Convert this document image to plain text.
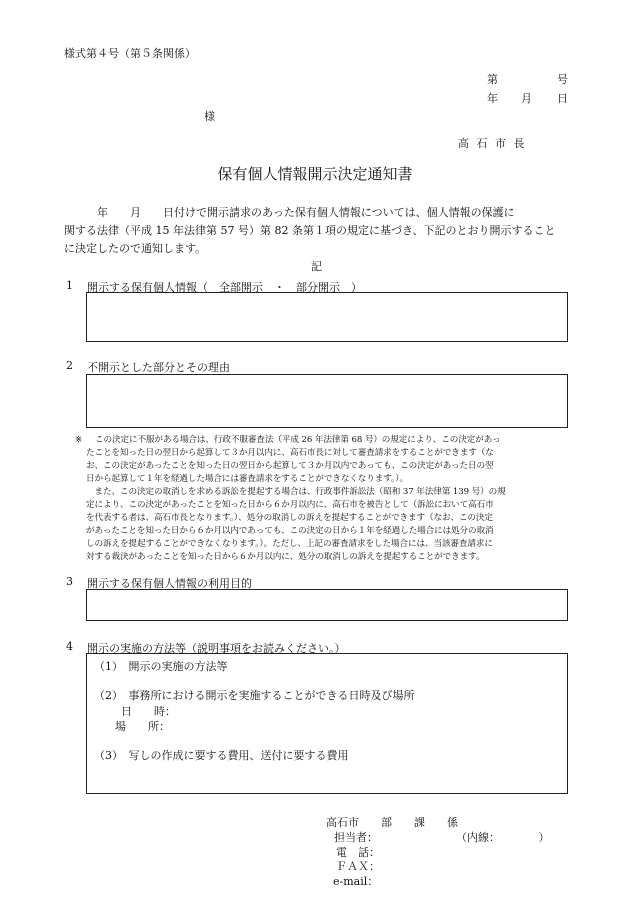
様式第４号（第５条関係）
第	号
年 月 日
様
高 石 市 長
保有個人情報開示決定通知書
　　　年　　月　　日付けで開示請求のあった保有個人情報については、個人情報の保護に
関する法律（平成 15 年法律第 57 号）第 82 条第１項の規定に基づき、下記のとおり開示すること
に決定したので通知します。
記
1 開示する保有個人情報（　全部開示　・　部分開示　）
2 不開示とした部分とその理由
※ この決定に不服がある場合は、行政不服審査法（平成 26 年法律第 68 号）の規定により、この決定があっ
たことを知った日の翌日から起算して３か月以内に、高石市長に対して審査請求をすることができます（な
お、この決定があったことを知った日の翌日から起算して３か月以内であっても、この決定があった日の翌
日から起算して１年を経過した場合には審査請求をすることができなくなります。）。
　また、この決定の取消しを求める訴訟を提起する場合は、行政事件訴訟法（昭和 37 年法律第 139 号）の規
定により、この決定があったことを知った日から６か月以内に、高石市を被告として（訴訟において高石市
を代表する者は、高石市長となります。）、処分の取消しの訴えを提起することができます（なお、この決定
があったことを知った日から６か月以内であっても、この決定の日から１年を経過した場合には処分の取消
しの訴えを提起することができなくなります。）。ただし、上記の審査請求をした場合には、当該審査請求に
対する裁決があったことを知った日から６か月以内に、処分の取消しの訴えを提起することができます。
3 開示する保有個人情報の利用目的
4 開示の実施の方法等（説明事項をお読みください。）
（1）　開示の実施の方法等
（2）　事務所における開示を実施することができる日時及び場所
日　　時：
場　　所：
（3）　写しの作成に要する費用、送付に要する費用
高石市　　部　　課　　係
担当者：	（内線：　　　　）
電　話：
ＦＡＸ：
e-mail：
